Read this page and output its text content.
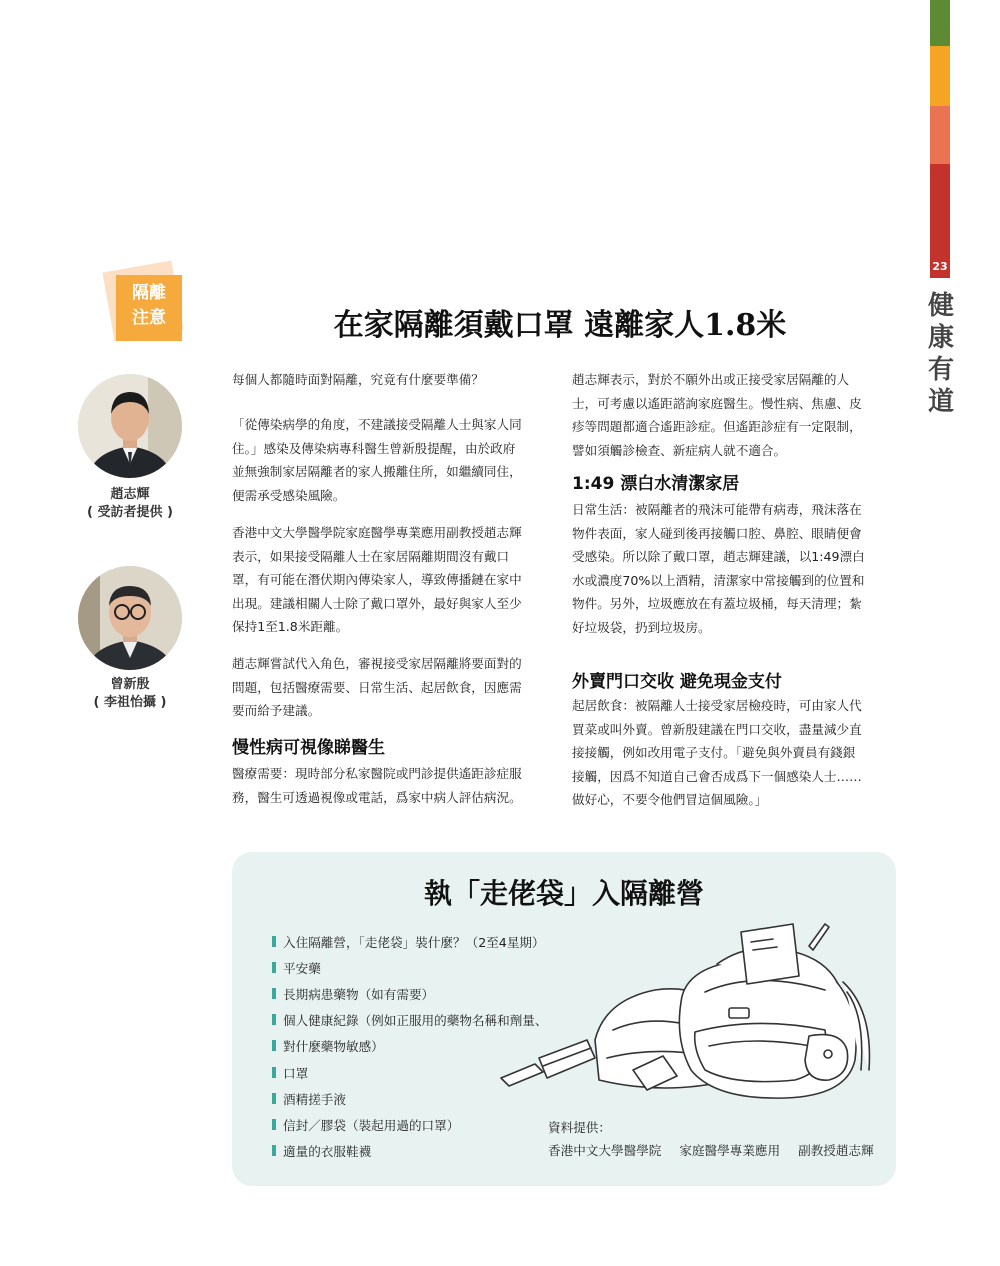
23
健
康
有
道
隔離
注意	在家隔離須戴口罩 遠離家人1.8米
趙志輝
( 受訪者提供 )
曾新殷
( 李祖怡攝 )

每個人都隨時面對隔離，究竟有什麼要準備？

「從傳染病學的角度，不建議接受隔離人士與家人同

住。」感染及傳染病專科醫生曾新殷提醒，由於政府

並無強制家居隔離者的家人搬離住所，如繼續同住，

便需承受感染風險。

香港中文大學醫學院家庭醫學專業應用副教授趙志輝

表示，如果接受隔離人士在家居隔離期間沒有戴口

罩，有可能在潛伏期內傳染家人，導致傳播鏈在家中

出現。建議相關人士除了戴口罩外，最好與家人至少

保持1至1.8米距離。

趙志輝嘗試代入角色，審視接受家居隔離將要面對的

問題，包括醫療需要、日常生活、起居飲食，因應需

要而給予建議。

慢性病可視像睇醫生

醫療需要：現時部分私家醫院或門診提供遙距診症服

務，醫生可透過視像或電話，爲家中病人評估病況。

趙志輝表示，對於不願外出或正接受家居隔離的人

士，可考慮以遙距諮詢家庭醫生。慢性病、焦慮、皮

疹等問題都適合遙距診症。但遙距診症有一定限制，

譬如須觸診檢查、新症病人就不適合。

1:49 漂白水清潔家居

日常生活：被隔離者的飛沫可能帶有病毒，飛沫落在

物件表面，家人碰到後再接觸口腔、鼻腔、眼睛便會

受感染。所以除了戴口罩，趙志輝建議，以1:49漂白

水或濃度70%以上酒精，清潔家中常接觸到的位置和

物件。另外，垃圾應放在有蓋垃圾桶，每天清理；紮

好垃圾袋，扔到垃圾房。

外賣門口交收 避免現金支付

起居飲食：被隔離人士接受家居檢疫時，可由家人代

買菜或叫外賣。曾新殷建議在門口交收，盡量減少直

接接觸，例如改用電子支付。「避免與外賣員有錢銀

接觸，因爲不知道自己會否成爲下一個感染人士……

做好心，不要令他們冒這個風險。」

執「走佬袋」入隔離營
入住隔離營，「走佬袋」裝什麼？（2至4星期）
平安藥
長期病患藥物（如有需要）
個人健康紀錄（例如正服用的藥物名稱和劑量、
對什麼藥物敏感）
口罩
酒精搓手液
信封／膠袋（裝起用過的口罩）
適量的衣服鞋襪
資料提供：
香港中文大學醫學院 家庭醫學專業應用 副教授趙志輝
